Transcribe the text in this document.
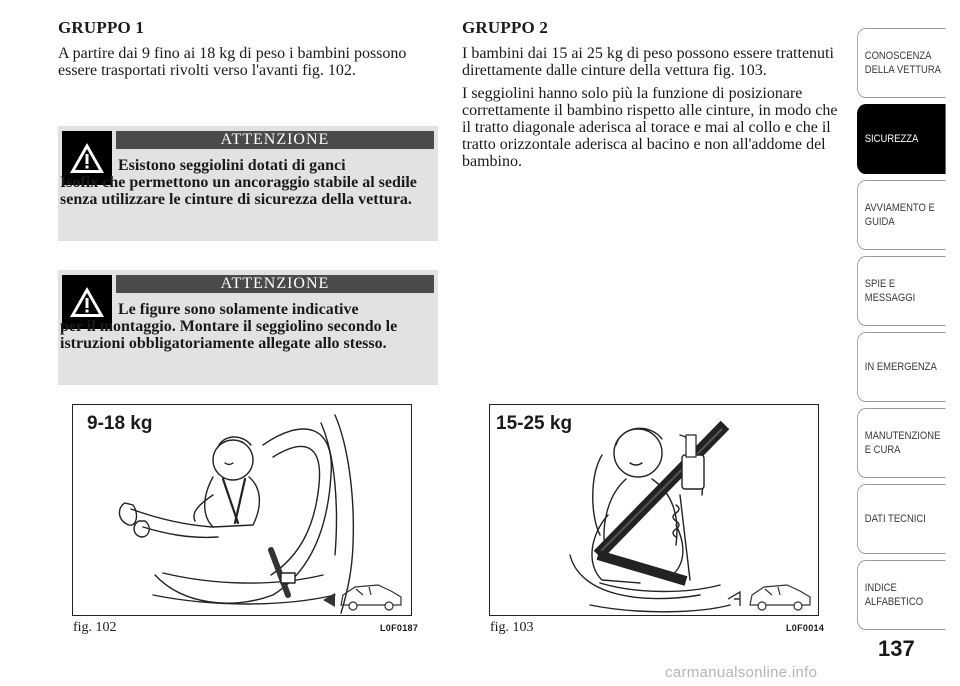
GRUPPO 1

A partire dai 9 fino ai 18 kg di peso i bambini possono essere trasportati rivolti verso l'avanti fig. 102.

ATTENZIONE
Esistono seggiolini dotati di ganci
Isofix che permettono un ancoraggio stabile al sedile senza utilizzare le cinture di sicurezza della vettura.
ATTENZIONE
Le figure sono solamente indicative
per il montaggio. Montare il seggiolino secondo le istruzioni obbligatoriamente allegate allo stesso.
GRUPPO 2

I bambini dai 15 ai 25 kg di peso possono essere trattenuti direttamente dalle cinture della vettura fig. 103.

I seggiolini hanno solo più la funzione di posizionare correttamente il bambino rispetto alle cinture, in modo che il tratto diagonale aderisca al torace e mai al collo e che il tratto orizzontale aderisca al bacino e non all'addome del bambino.

9-18 kg
fig. 102	L0F0187
15-25 kg
fig. 103	L0F0014
CONOSCENZA DELLA VETTURA
SICUREZZA
AVVIAMENTO E GUIDA
SPIE E MESSAGGI
IN EMERGENZA
MANUTENZIONE E CURA
DATI TECNICI
INDICE ALFABETICO
137
carmanualsonline.info
